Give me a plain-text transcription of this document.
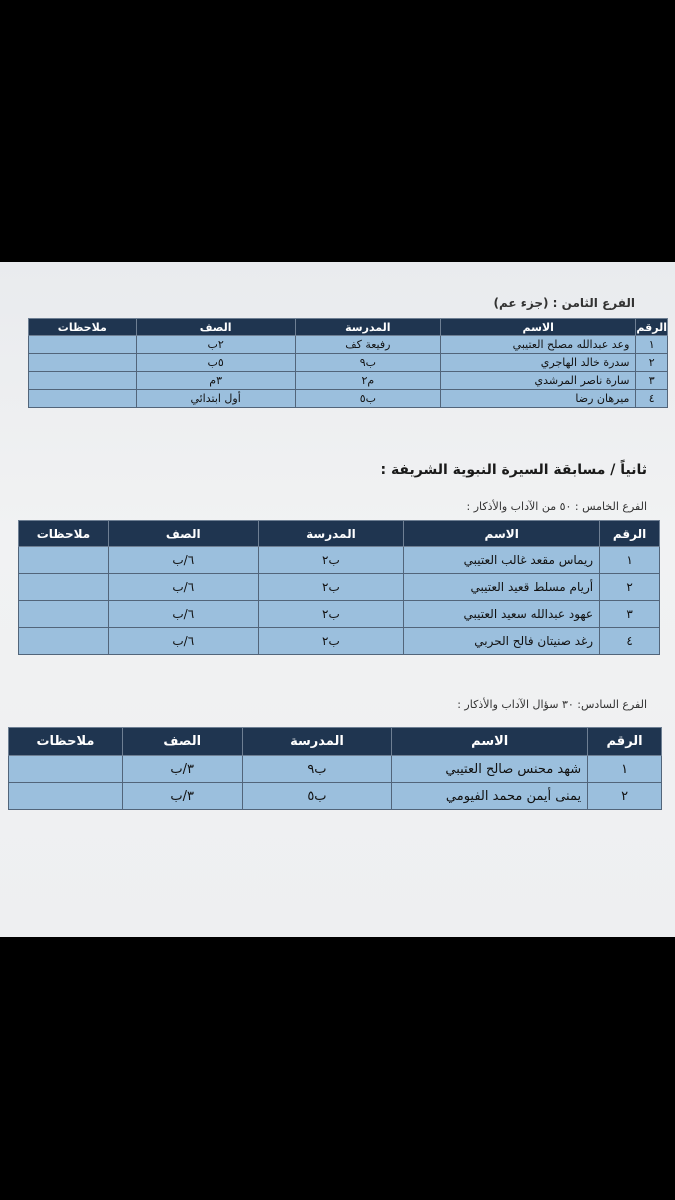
الفرع الثامن : (جزء عم)
الرقم	الاسم	المدرسة	الصف	ملاحظات
١	وعد عبدالله مصلح العتيبي	رفيعة كف	٢ب	
٢	سدرة خالد الهاجري	ب٩	٥ب	
٣	سارة ناصر المرشدي	م٢	٣م	
٤	ميرهان رضا	ب٥	أول ابتدائي	
ثانياً / مسابقة السيرة النبوية الشريفة :
الفرع الخامس : ٥٠ من الآداب والأذكار :
الرقم	الاسم	المدرسة	الصف	ملاحظات
١	ريماس مقعد غالب العتيبي	ب٢	٦/ب	
٢	أريام مسلط قعيد العتيبي	ب٢	٦/ب	
٣	عهود عبدالله سعيد العتيبي	ب٢	٦/ب	
٤	رغد صنيتان فالح الحربي	ب٢	٦/ب	
الفرع السادس: ٣٠ سؤال الآداب والأذكار :
الرقم	الاسم	المدرسة	الصف	ملاحظات
١	شهد محنس صالح العتيبي	ب٩	٣/ب	
٢	يمنى أيمن محمد الفيومي	ب٥	٣/ب	
